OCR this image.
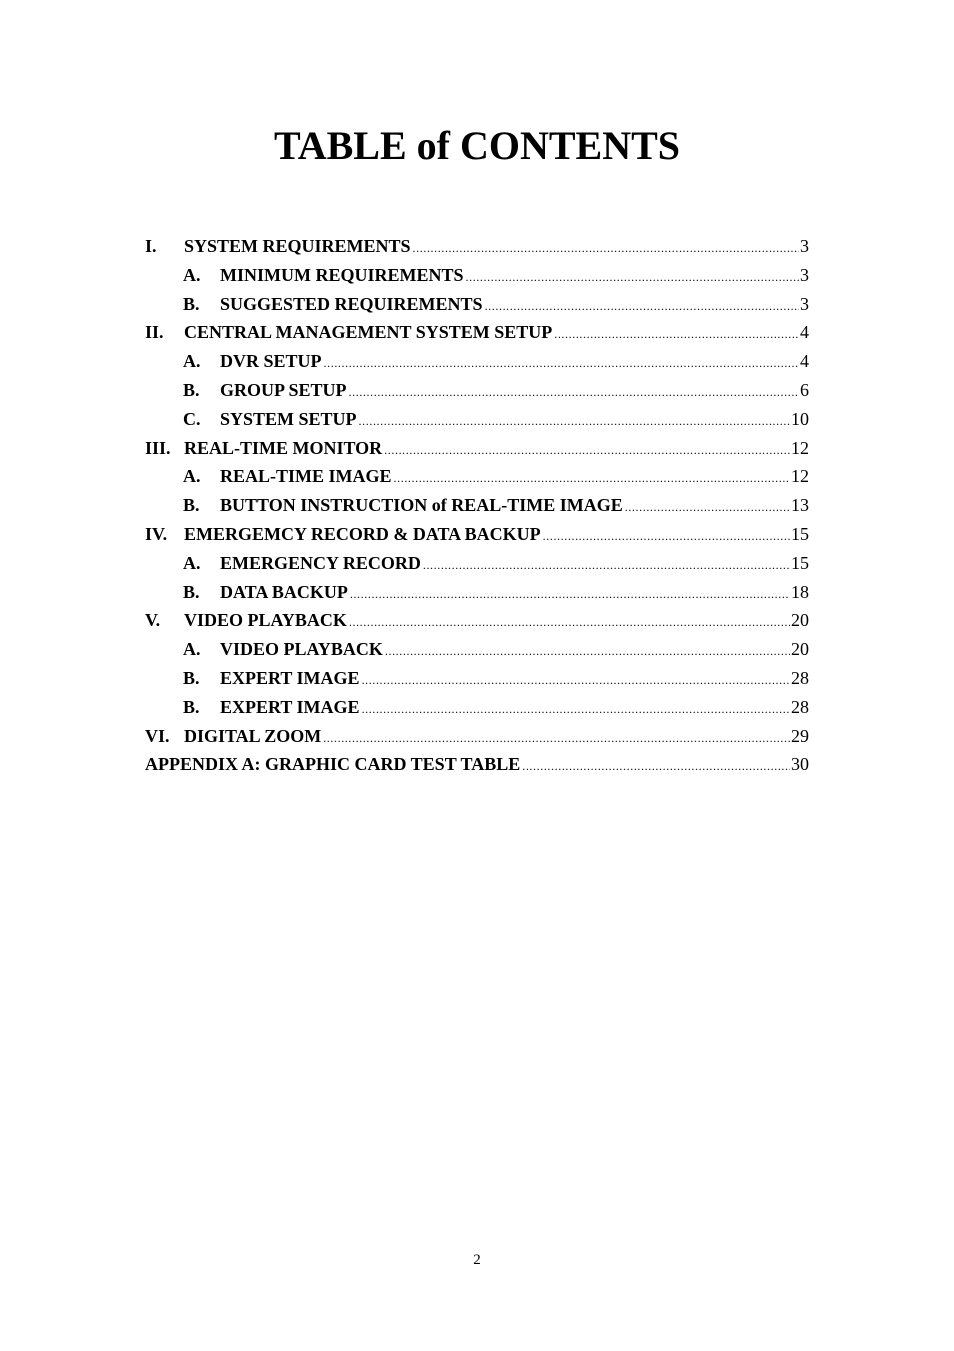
TABLE of CONTENTS
I.	SYSTEM REQUIREMENTS .....	3
A.	MINIMUM REQUIREMENTS .....	3
B.	SUGGESTED REQUIREMENTS .....	3
II.	CENTRAL MANAGEMENT SYSTEM SETUP .....	4
A.	DVR SETUP .....	4
B.	GROUP SETUP .....	6
C.	SYSTEM SETUP .....	10
III. REAL-TIME MONITOR .....	12
A.	REAL-TIME IMAGE .....	12
B.	BUTTON INSTRUCTION of REAL-TIME IMAGE .....	13
IV. EMERGEMCY RECORD & DATA BACKUP .....	15
A.	EMERGENCY RECORD .....	15
B.	DATA BACKUP .....	18
V.	VIDEO PLAYBACK .....	20
A.	VIDEO PLAYBACK .....	20
B.	EXPERT IMAGE .....	28
B.	EXPERT IMAGE .....	28
VI. DIGITAL ZOOM .....	29
APPENDIX A: GRAPHIC CARD TEST TABLE .....	30
2
